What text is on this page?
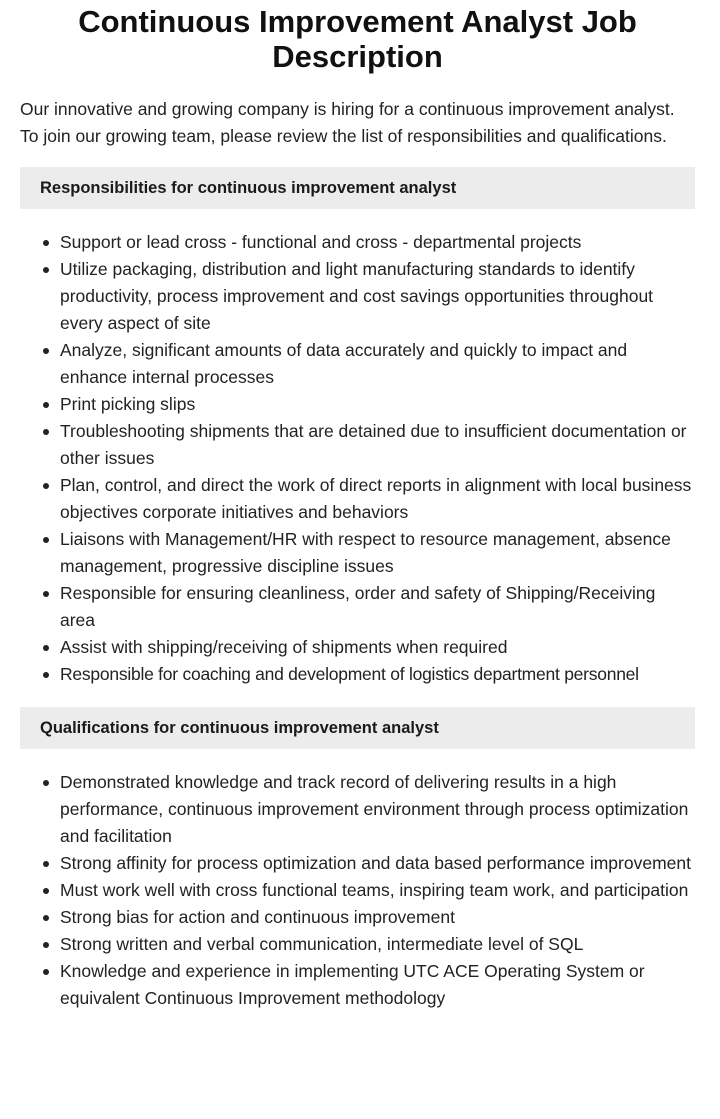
Continuous Improvement Analyst Job Description

Our innovative and growing company is hiring for a continuous improvement analyst. To join our growing team, please review the list of responsibilities and qualifications.

Responsibilities for continuous improvement analyst
Support or lead cross - functional and cross - departmental projects
Utilize packaging, distribution and light manufacturing standards to identify productivity, process improvement and cost savings opportunities throughout every aspect of site
Analyze, significant amounts of data accurately and quickly to impact and enhance internal processes
Print picking slips
Troubleshooting shipments that are detained due to insufficient documentation or other issues
Plan, control, and direct the work of direct reports in alignment with local business objectives corporate initiatives and behaviors
Liaisons with Management/HR with respect to resource management, absence management, progressive discipline issues
Responsible for ensuring cleanliness, order and safety of Shipping/Receiving area
Assist with shipping/receiving of shipments when required
Responsible for coaching and development of logistics department personnel
Qualifications for continuous improvement analyst
Demonstrated knowledge and track record of delivering results in a high performance, continuous improvement environment through process optimization and facilitation
Strong affinity for process optimization and data based performance improvement
Must work well with cross functional teams, inspiring team work, and participation
Strong bias for action and continuous improvement
Strong written and verbal communication, intermediate level of SQL
Knowledge and experience in implementing UTC ACE Operating System or equivalent Continuous Improvement methodology
